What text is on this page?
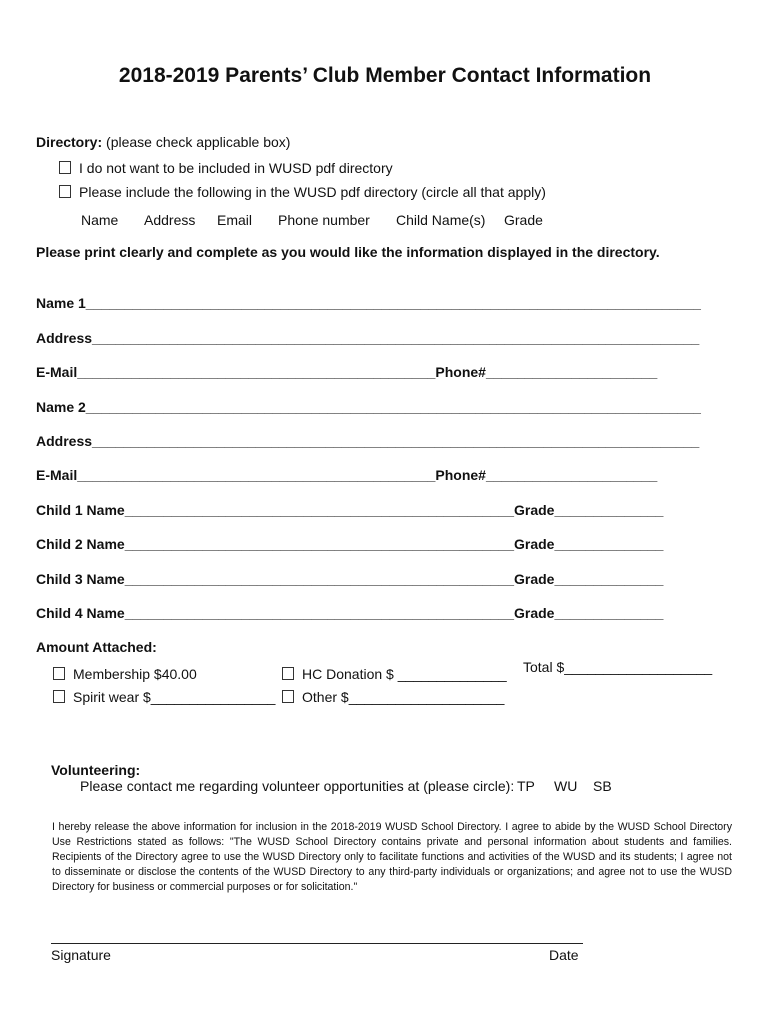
2018-2019 Parents’ Club Member Contact Information
Directory: (please check applicable box)
I do not want to be included in WUSD pdf directory
Please include the following in the WUSD pdf directory (circle all that apply)
Name Address Email Phone number Child Name(s) Grade
Please print clearly and complete as you would like the information displayed in the directory.
Name 1_______________________________________________________________________________
Address______________________________________________________________________________
E-Mail______________________________________________Phone#______________________
Name 2_______________________________________________________________________________
Address______________________________________________________________________________
E-Mail______________________________________________Phone#______________________
Child 1 Name__________________________________________________Grade______________
Child 2 Name__________________________________________________Grade______________
Child 3 Name__________________________________________________Grade______________
Child 4 Name__________________________________________________Grade______________
Amount Attached:
Membership $40.00
Spirit wear $________________
HC Donation $ ______________
Other $____________________
Total $___________________
Volunteering:
Please contact me regarding volunteer opportunities at (please circle): TP WU SB
I hereby release the above information for inclusion in the 2018-2019 WUSD School Directory. I agree to abide by the WUSD School Directory Use Restrictions stated as follows: "The WUSD School Directory contains private and personal information about students and families. Recipients of the Directory agree to use the WUSD Directory only to facilitate functions and activities of the WUSD and its students; I agree not to disseminate or disclose the contents of the WUSD Directory to any third-party individuals or organizations; and agree not to use the WUSD Directory for business or commercial purposes or for solicitation."
Signature	Date
